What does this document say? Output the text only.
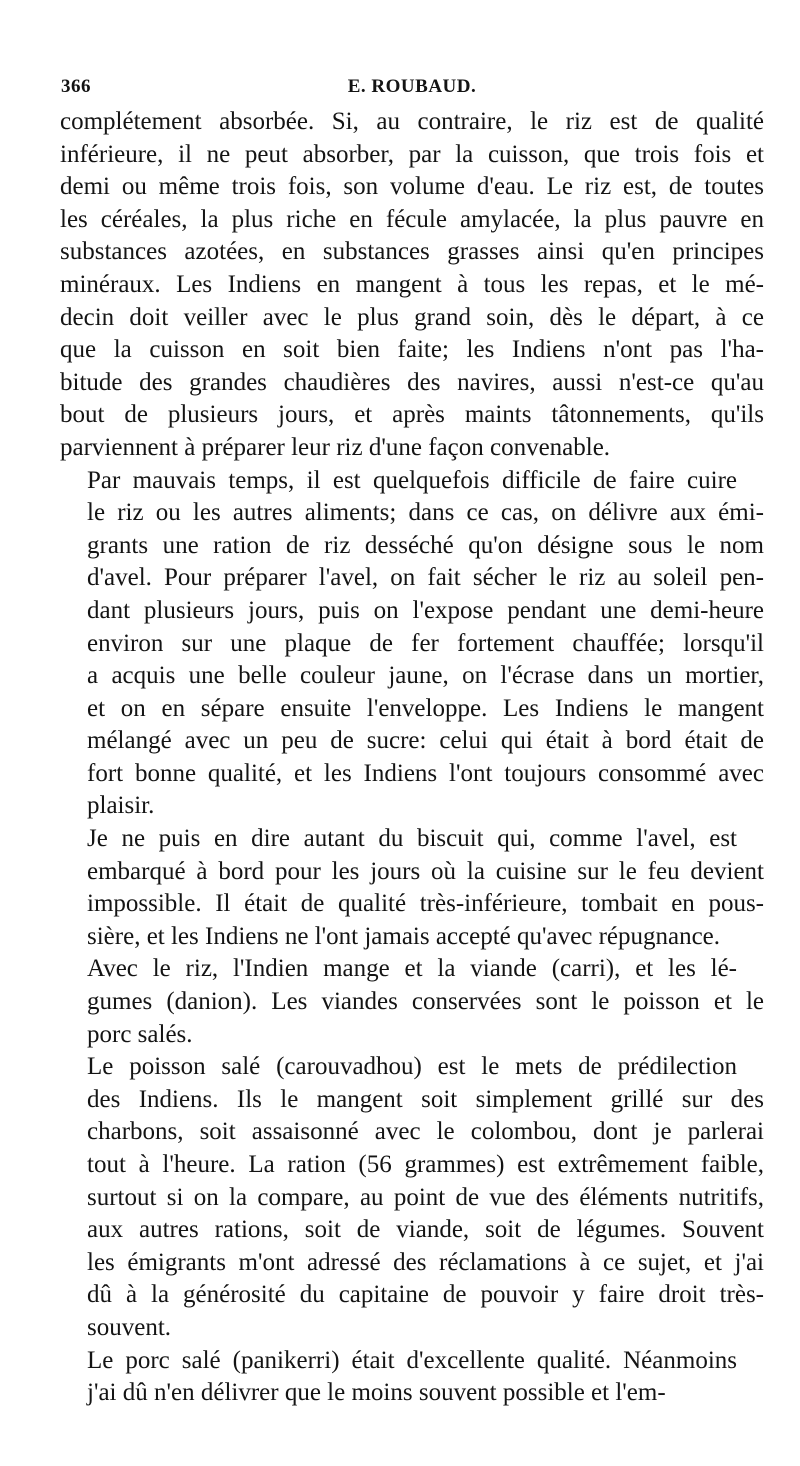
366	E. ROUBAUD.
complétement absorbée. Si, au contraire, le riz est de qualité
inférieure, il ne peut absorber, par la cuisson, que trois fois et
demi ou même trois fois, son volume d'eau. Le riz est, de toutes
les céréales, la plus riche en fécule amylacée, la plus pauvre en
substances azotées, en substances grasses ainsi qu'en principes
minéraux. Les Indiens en mangent à tous les repas, et le mé-
decin doit veiller avec le plus grand soin, dès le départ, à ce
que la cuisson en soit bien faite; les Indiens n'ont pas l'ha-
bitude des grandes chaudières des navires, aussi n'est-ce qu'au
bout de plusieurs jours, et après maints tâtonnements, qu'ils
parviennent à préparer leur riz d'une façon convenable.
Par mauvais temps, il est quelquefois difficile de faire cuire
le riz ou les autres aliments; dans ce cas, on délivre aux émi-
grants une ration de riz desséché qu'on désigne sous le nom
d'avel. Pour préparer l'avel, on fait sécher le riz au soleil pen-
dant plusieurs jours, puis on l'expose pendant une demi-heure
environ sur une plaque de fer fortement chauffée; lorsqu'il
a acquis une belle couleur jaune, on l'écrase dans un mortier,
et on en sépare ensuite l'enveloppe. Les Indiens le mangent
mélangé avec un peu de sucre: celui qui était à bord était de
fort bonne qualité, et les Indiens l'ont toujours consommé avec
plaisir.
Je ne puis en dire autant du biscuit qui, comme l'avel, est
embarqué à bord pour les jours où la cuisine sur le feu devient
impossible. Il était de qualité très-inférieure, tombait en pous-
sière, et les Indiens ne l'ont jamais accepté qu'avec répugnance.
Avec le riz, l'Indien mange et la viande (carri), et les lé-
gumes (danion). Les viandes conservées sont le poisson et le
porc salés.
Le poisson salé (carouvadhou) est le mets de prédilection
des Indiens. Ils le mangent soit simplement grillé sur des
charbons, soit assaisonné avec le colombou, dont je parlerai
tout à l'heure. La ration (56 grammes) est extrêmement faible,
surtout si on la compare, au point de vue des éléments nutritifs,
aux autres rations, soit de viande, soit de légumes. Souvent
les émigrants m'ont adressé des réclamations à ce sujet, et j'ai
dû à la générosité du capitaine de pouvoir y faire droit très-
souvent.
Le porc salé (panikerri) était d'excellente qualité. Néanmoins
j'ai dû n'en délivrer que le moins souvent possible et l'em-
